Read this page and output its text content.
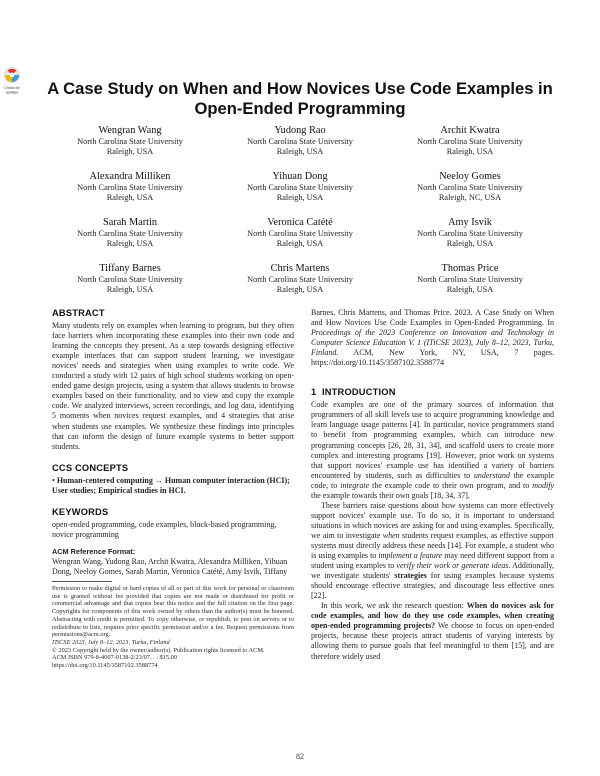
Check for
updates	A Case Study on When and How Novices Use Code Examples in Open-Ended Programming
Wengran Wang
North Carolina State University
Raleigh, USA
Yudong Rao
North Carolina State University
Raleigh, USA
Archit Kwatra
North Carolina State University
Raleigh, USA
Alexandra Milliken
North Carolina State University
Raleigh, USA
Yihuan Dong
North Carolina State University
Raleigh, USA
Neeloy Gomes
North Carolina State University
Raleigh, NC, USA
Sarah Martin
North Carolina State University
Raleigh, USA
Veronica Catété
North Carolina State University
Raleigh, USA
Amy Isvik
North Carolina State University
Raleigh, USA
Tiffany Barnes
North Carolina State University
Raleigh, USA
Chris Martens
North Carolina State University
Raleigh, USA
Thomas Price
North Carolina State University
Raleigh, USA
ABSTRACT

Many students rely on examples when learning to program, but they often face barriers when incorporating these examples into their own code and learning the concepts they present. As a step towards designing effective example interfaces that can support student learning, we investigate novices' needs and strategies when using examples to write code. We conducted a study with 12 pairs of high school students working on open-ended game design projects, using a system that allows students to browse examples based on their functionality, and to view and copy the example code. We analyzed interviews, screen recordings, and log data, identifying 5 moments when novices request examples, and 4 strategies that arise when students use examples. We synthesize these findings into principles that can inform the design of future example systems to better support students.

CCS CONCEPTS

• Human-centered computing → Human computer interaction (HCI); User studies; Empirical studies in HCI.

KEYWORDS

open-ended programming, code examples, block-based programming, novice programming

ACM Reference Format:
Wengran Wang, Yudong Rao, Archit Kwatra, Alexandra Milliken, Yihuan Dong, Neeloy Gomes, Sarah Martin, Veronica Catété, Amy Isvik, Tiffany

Permission to make digital or hard copies of all or part of this work for personal or classroom use is granted without fee provided that copies are not made or distributed for profit or commercial advantage and that copies bear this notice and the full citation on the first page. Copyrights for components of this work owned by others than the author(s) must be honored. Abstracting with credit is permitted. To copy otherwise, or republish, to post on servers or to redistribute to lists, requires prior specific permission and/or a fee. Request permissions from permissions@acm.org.
ITiCSE 2023, July 8–12, 2023, Turku, Finland
© 2023 Copyright held by the owner/author(s). Publication rights licensed to ACM.
ACM ISBN 979-8-4007-0138-2/23/07. . . $15.00
https://doi.org/10.1145/3587102.3588774

Barnes, Chris Martens, and Thomas Price. 2023. A Case Study on When and How Novices Use Code Examples in Open-Ended Programming. In Proceedings of the 2023 Conference on Innovation and Technology in Computer Science Education V. 1 (ITiCSE 2023), July 8–12, 2023, Turku, Finland. ACM, New York, NY, USA, 7 pages. https://doi.org/10.1145/3587102.3588774

1 INTRODUCTION

Code examples are one of the primary sources of information that programmers of all skill levels use to acquire programming knowledge and learn language usage patterns [4]. In particular, novice programmers stand to benefit from programming examples, which can introduce new programming concepts [26, 28, 31, 34], and scaffold users to create more complex and interesting programs [19]. However, prior work on systems that support novices' example use has identified a variety of barriers encountered by students, such as difficulties to understand the example code, to integrate the example code to their own program, and to modify the example towards their own goals [18, 34, 37].

These barriers raise questions about how systems can more effectively support novices' example use. To do so, it is important to understand situations in which novices are asking for and using examples. Specifically, we aim to investigate when students request examples, as effective support systems must directly address these needs [14]. For example, a student who is using examples to implement a feature may need different support from a student using examples to verify their work or generate ideas. Additionally, we investigate students' strategies for using examples because systems should encourage effective strategies, and discourage less effective ones [22].

In this work, we ask the research question: When do novices ask for code examples, and how do they use code examples, when creating open-ended programming projects? We choose to focus on open-ended projects, because these projects attract students of varying interests by allowing them to pursue goals that feel meaningful to them [15], and are therefore widely used

82
